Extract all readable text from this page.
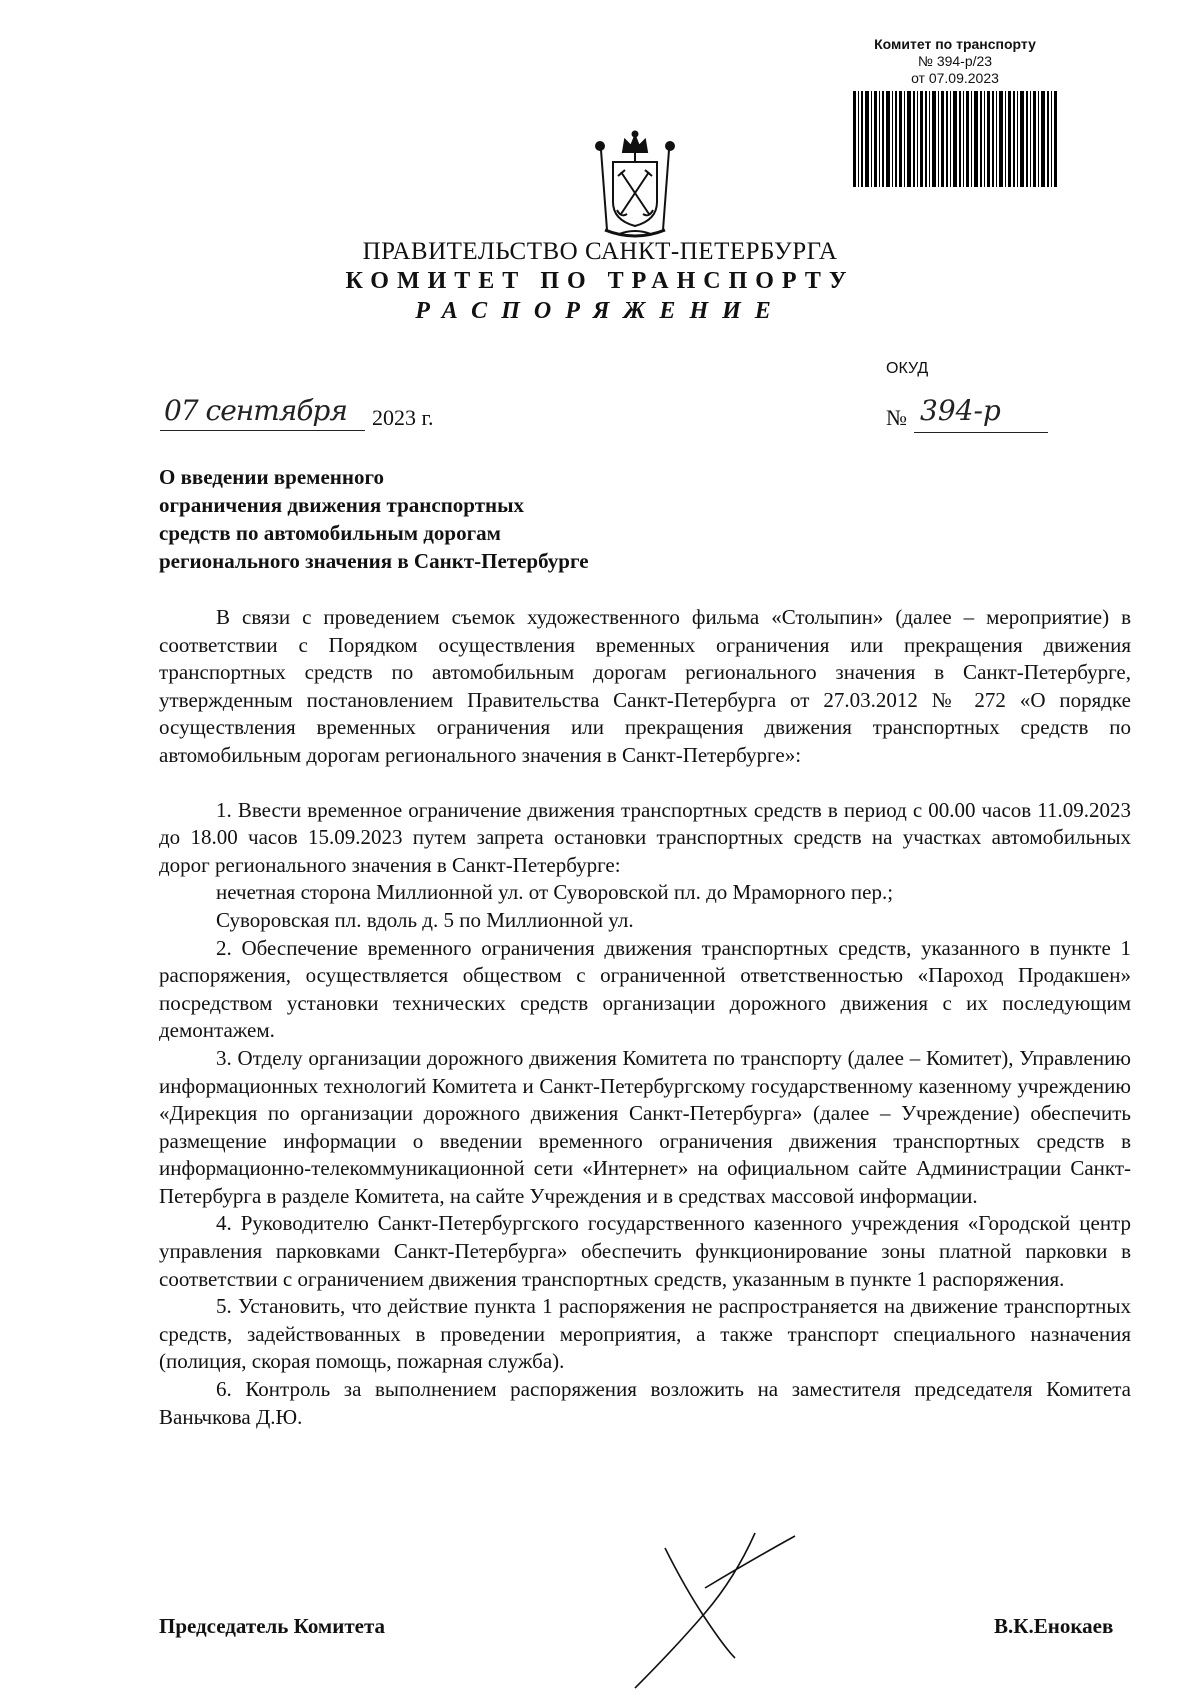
Комитет по транспорту
№ 394-р/23
от 07.09.2023
ПРАВИТЕЛЬСТВО САНКТ-ПЕТЕРБУРГА
КОМИТЕТ ПО ТРАНСПОРТУ
РАСПОРЯЖЕНИЕ
ОКУД
07 сентября 2023 г.	№ 394-р
О введении временного
ограничения движения транспортных
средств по автомобильным дорогам
регионального значения в Санкт-Петербурге

В связи с проведением съемок художественного фильма «Столыпин» (далее – мероприятие) в соответствии с Порядком осуществления временных ограничения или прекращения движения транспортных средств по автомобильным дорогам регионального значения в Санкт-Петербурге, утвержденным постановлением Правительства Санкт-Петербурга от 27.03.2012 № 272 «О порядке осуществления временных ограничения или прекращения движения транспортных средств по автомобильным дорогам регионального значения в Санкт-Петербурге»:

1. Ввести временное ограничение движения транспортных средств в период с 00.00 часов 11.09.2023 до 18.00 часов 15.09.2023 путем запрета остановки транспортных средств на участках автомобильных дорог регионального значения в Санкт-Петербурге:

нечетная сторона Миллионной ул. от Суворовской пл. до Мраморного пер.;

Суворовская пл. вдоль д. 5 по Миллионной ул.

2. Обеспечение временного ограничения движения транспортных средств, указанного в пункте 1 распоряжения, осуществляется обществом с ограниченной ответственностью «Пароход Продакшен» посредством установки технических средств организации дорожного движения с их последующим демонтажем.

3. Отделу организации дорожного движения Комитета по транспорту (далее – Комитет), Управлению информационных технологий Комитета и Санкт-Петербургскому государственному казенному учреждению «Дирекция по организации дорожного движения Санкт-Петербурга» (далее – Учреждение) обеспечить размещение информации о введении временного ограничения движения транспортных средств в информационно-телекоммуникационной сети «Интернет» на официальном сайте Администрации Санкт-Петербурга в разделе Комитета, на сайте Учреждения и в средствах массовой информации.

4. Руководителю Санкт-Петербургского государственного казенного учреждения «Городской центр управления парковками Санкт-Петербурга» обеспечить функционирование зоны платной парковки в соответствии с ограничением движения транспортных средств, указанным в пункте 1 распоряжения.

5. Установить, что действие пункта 1 распоряжения не распространяется на движение транспортных средств, задействованных в проведении мероприятия, а также транспорт специального назначения (полиция, скорая помощь, пожарная служба).

6. Контроль за выполнением распоряжения возложить на заместителя председателя Комитета Ваньчкова Д.Ю.

Председатель Комитета	В.К.Енокаев
